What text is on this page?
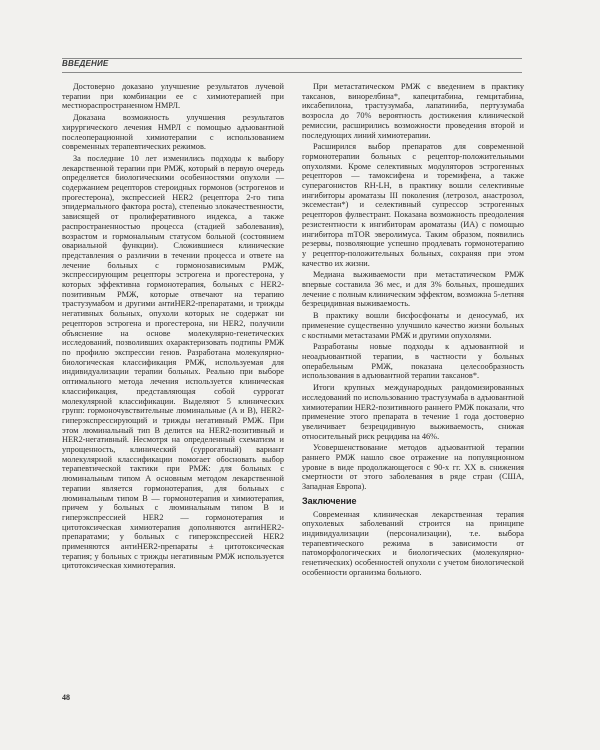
ВВЕДЕНИЕ

Достоверно доказано улучшение результатов лучевой терапии при комбинации ее с химиотерапией при местнораспространенном НМРЛ.

Доказана возможность улучшения результатов хирургического лечения НМРЛ с помощью адъювантной послеоперационной химиотерапии с использованием современных терапевтических режимов.

За последние 10 лет изменились подходы к выбору лекарственной терапии при РМЖ, который в первую очередь определяется биологическими особенностями опухоли — содержанием рецепторов стероидных гормонов (эстрогенов и прогестерона), экспрессией HER2 (рецептора 2-го типа эпидермального фактора роста), степенью злокачественности, зависящей от пролиферативного индекса, а также распространенностью процесса (стадией заболевания), возрастом и гормональным статусом больной (состоянием овариальной функции). Сложившиеся клинические представления о различии в течении процесса и ответе на лечение больных с гормонозависимым РМЖ, экспрессирующим рецепторы эстрогена и прогестерона, у которых эффективна гормонотерапия, больных с HER2-позитивным РМЖ, которые отвечают на терапию трастузумабом и другими антиHER2-препаратами, и трижды негативных больных, опухоли которых не содержат ни рецепторов эстрогена и прогестерона, ни HER2, получили объяснение на основе молекулярно-генетических исследований, позволивших охарактеризовать подтипы РМЖ по профилю экспрессии генов. Разработана молекулярно-биологическая классификация РМЖ, используемая для индивидуализации терапии больных. Реально при выборе оптимального метода лечения используется клиническая классификация, представляющая собой суррогат молекулярной классификации. Выделяют 5 клинических групп: гормоночувствительные люминальные (А и В), HER2-гиперэкспрессирующий и трижды негативный РМЖ. При этом люминальный тип В делится на HER2-позитивный и HER2-негативный. Несмотря на определенный схематизм и упрощенность, клинический (суррогатный) вариант молекулярной классификации помогает обосновать выбор терапевтической тактики при РМЖ: для больных с люминальным типом А основным методом лекарственной терапии является гормонотерапия, для больных с люминальным типом В — гормонотерапия и химиотерапия, причем у больных с люминальным типом В и гиперэкспрессией HER2 — гормонотерапия и цитотоксическая химиотерапия дополняются антиHER2-препаратами; у больных с гиперэкспрессией HER2 применяются антиHER2-препараты ± цитотоксическая терапия; у больных с трижды негативным РМЖ используется цитотоксическая химиотерапия.

При метастатическом РМЖ с введением в практику таксанов, винорелбина*, капецитабина, гемцитабина, иксабепилона, трастузумаба, лапатиниба, пертузумаба возросла до 70% вероятность достижения клинической ремиссии, расширились возможности проведения второй и последующих линий химиотерапии.

Расширился выбор препаратов для современной гормонотерапии больных с рецептор-положительными опухолями. Кроме селективных модуляторов эстрогенных рецепторов — тамоксифена и торемифена, а также суперагонистов RH-LH, в практику вошли селективные ингибиторы ароматазы III поколения (летрозол, анастрозол, эксеместан*) и селективный супрессор эстрогенных рецепторов фулвестрант. Показана возможность преодоления резистентности к ингибиторам ароматазы (ИА) с помощью ингибитора mTOR эверолимуса. Таким образом, появились резервы, позволяющие успешно продлевать гормонотерапию у рецептор-положительных больных, сохраняя при этом качество их жизни.

Медиана выживаемости при метастатическом РМЖ впервые составила 36 мес, и для 3% больных, прошедших лечение с полным клиническим эффектом, возможна 5-летняя безрецидивная выживаемость.

В практику вошли бисфосфонаты и деносумаб, их применение существенно улучшило качество жизни больных с костными метастазами РМЖ и другими опухолями.

Разработаны новые подходы к адъювантной и неоадъювантной терапии, в частности у больных операбельным РМЖ, показана целесообразность использования в адъювантной терапии таксанов*.

Итоги крупных международных рандомизированных исследований по использованию трастузумаба в адъювантной химиотерапии HER2-позитивного раннего РМЖ показали, что применение этого препарата в течение 1 года достоверно увеличивает безрецидивную выживаемость, снижая относительный риск рецидива на 46%.

Усовершенствование методов адъювантной терапии раннего РМЖ нашло свое отражение на популяционном уровне в виде продолжающегося с 90-х гг. XX в. снижения смертности от этого заболевания в ряде стран (США, Западная Европа).

Заключение

Современная клиническая лекарственная терапия опухолевых заболеваний строится на принципе индивидуализации (персонализации), т.е. выбора терапевтического режима в зависимости от патоморфологических и биологических (молекулярно-генетических) особенностей опухоли с учетом биологической особенности организма больного.

48
